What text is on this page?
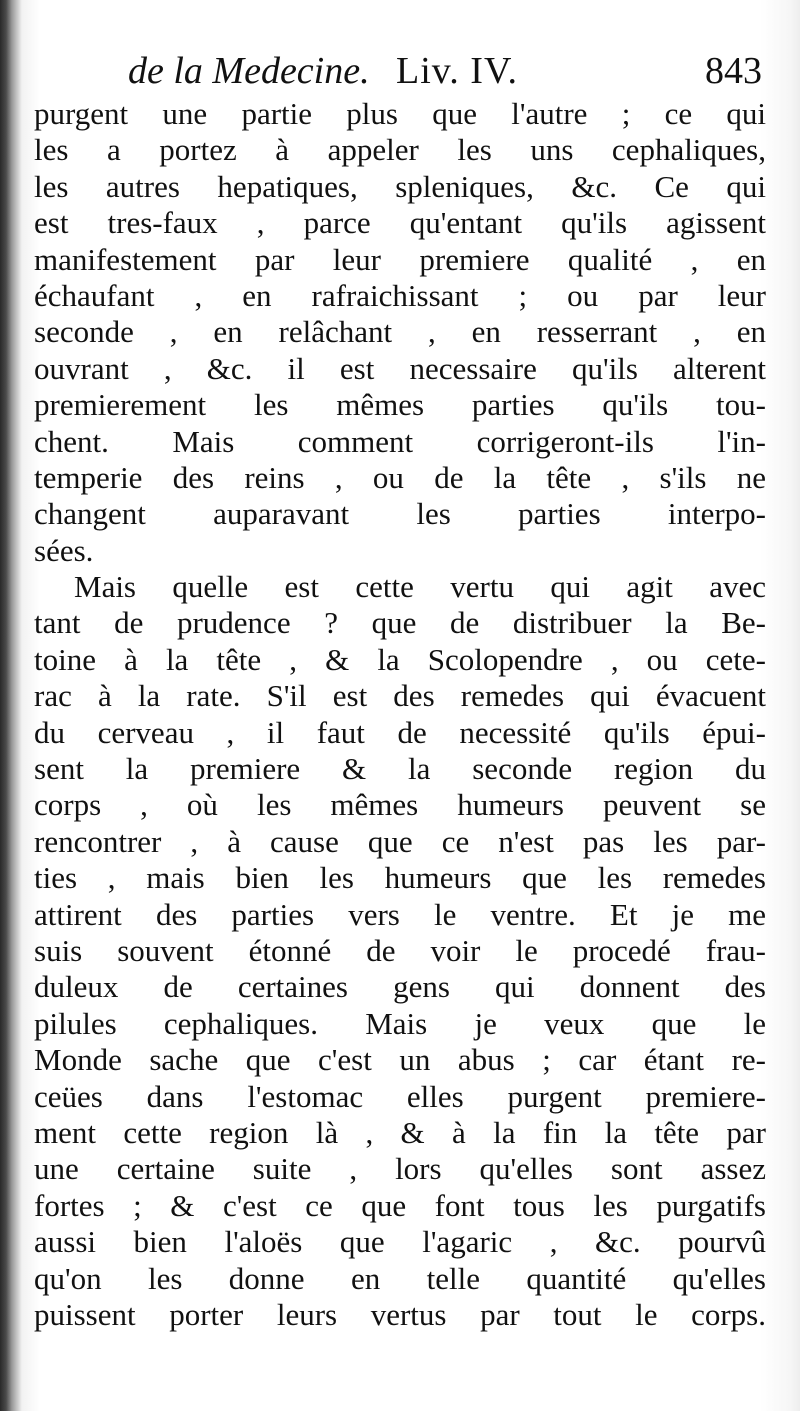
de la Medecine. Liv. IV.	843
purgent une partie plus que l'autre ; ce qui
les a portez à appeler les uns cephaliques,
les autres hepatiques, spleniques, &c. Ce qui
est tres-faux , parce qu'entant qu'ils agissent
manifestement par leur premiere qualité , en
échaufant , en rafraichissant ; ou par leur
seconde , en relâchant , en resserrant , en
ouvrant , &c. il est necessaire qu'ils alterent
premierement les mêmes parties qu'ils tou-
chent. Mais comment corrigeront-ils l'in-
temperie des reins , ou de la tête , s'ils ne
changent auparavant les parties interpo-
sées.
Mais quelle est cette vertu qui agit avec
tant de prudence ? que de distribuer la Be-
toine à la tête , & la Scolopendre , ou cete-
rac à la rate. S'il est des remedes qui évacuent
du cerveau , il faut de necessité qu'ils épui-
sent la premiere & la seconde region du
corps , où les mêmes humeurs peuvent se
rencontrer , à cause que ce n'est pas les par-
ties , mais bien les humeurs que les remedes
attirent des parties vers le ventre. Et je me
suis souvent étonné de voir le procedé frau-
duleux de certaines gens qui donnent des
pilules cephaliques. Mais je veux que le
Monde sache que c'est un abus ; car étant re-
ceües dans l'estomac elles purgent premiere-
ment cette region là , & à la fin la tête par
une certaine suite , lors qu'elles sont assez
fortes ; & c'est ce que font tous les purgatifs
aussi bien l'aloës que l'agaric , &c. pourvû
qu'on les donne en telle quantité qu'elles
puissent porter leurs vertus par tout le corps.
